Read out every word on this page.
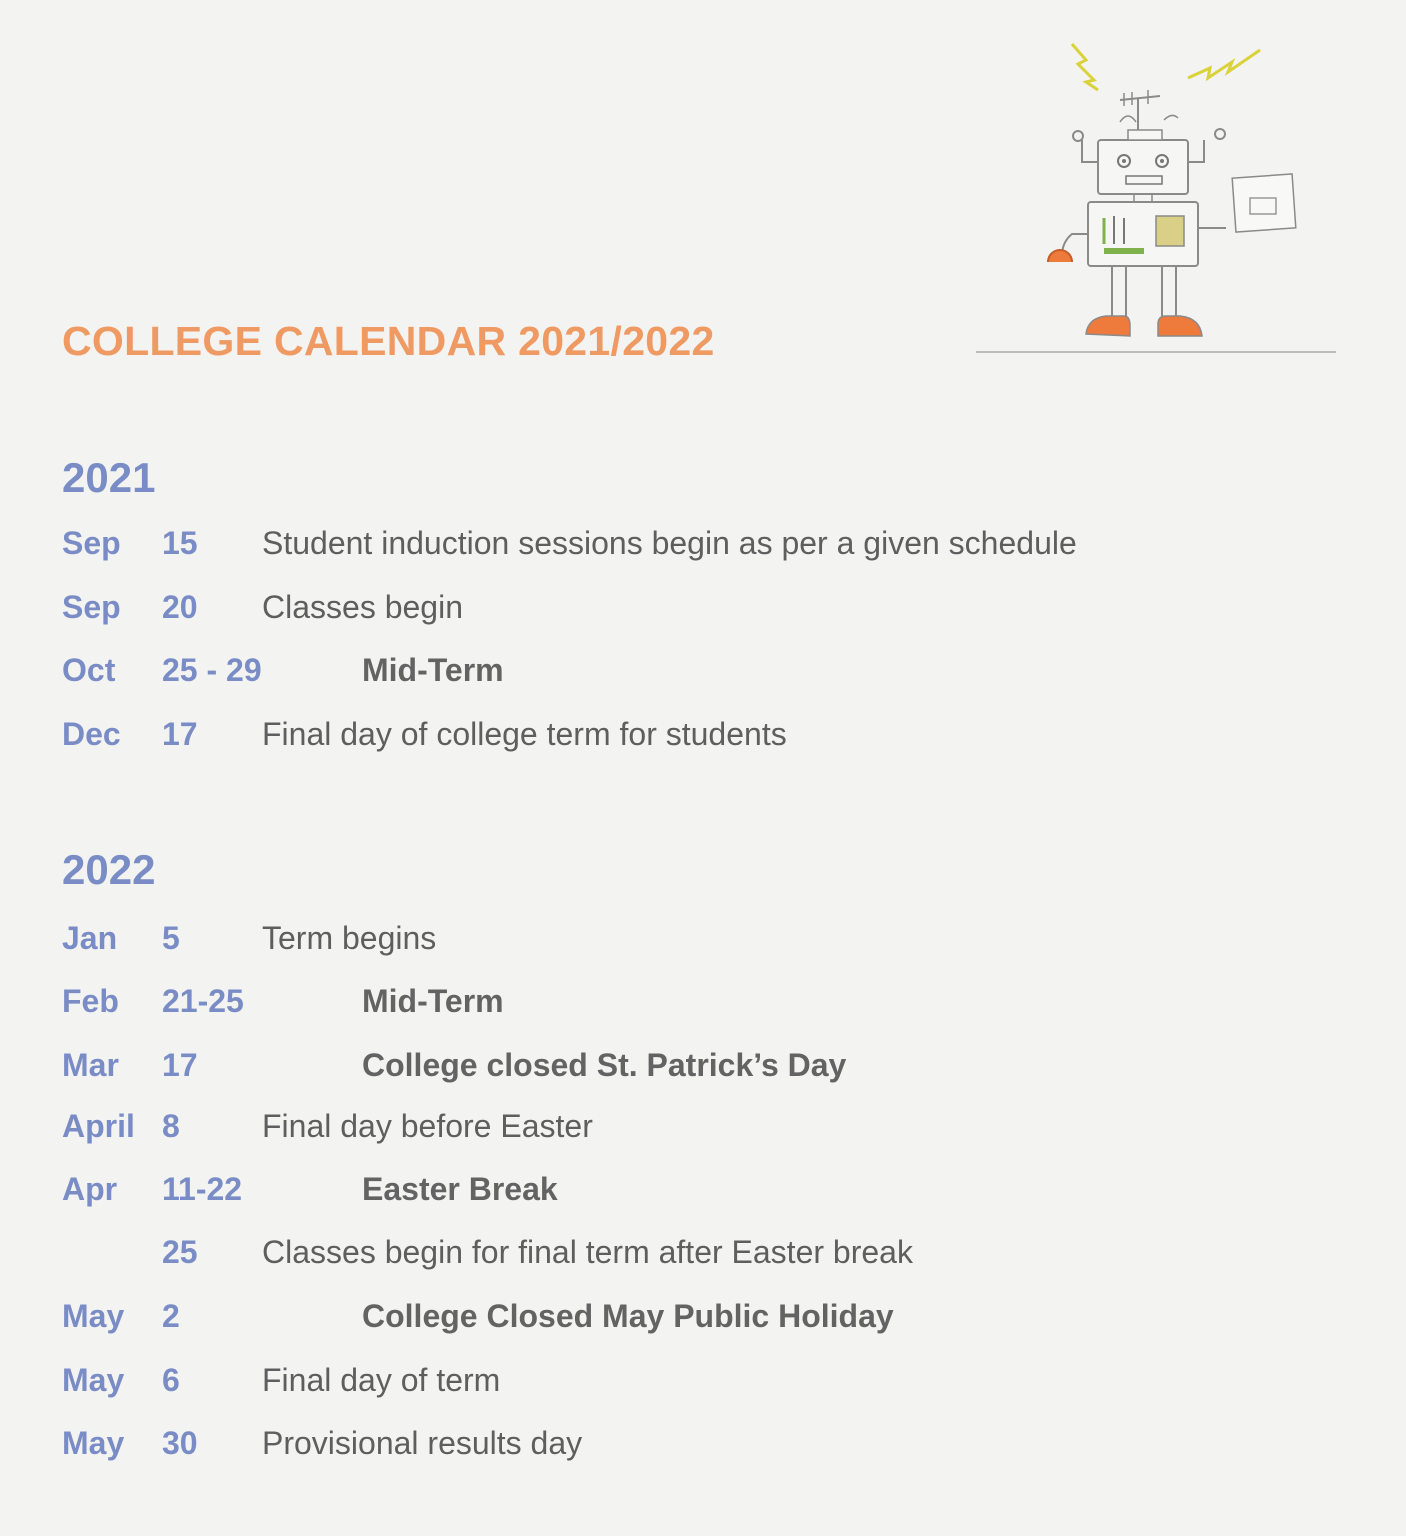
COLLEGE CALENDAR 2021/2022
2021
Sep 15 Student induction sessions begin as per a given schedule
Sep 20 Classes begin
Oct 25 - 29	Mid-Term
Dec 17 Final day of college term for students
2022
Jan 5	Term begins
Feb 21-25	Mid-Term
Mar 17	College closed St. Patrick’s Day
April 8	Final day before Easter
Apr 11-22	Easter Break
25 Classes begin for final term after Easter break
May 2	College Closed May Public Holiday
May 6	Final day of term
May 30 Provisional results day
